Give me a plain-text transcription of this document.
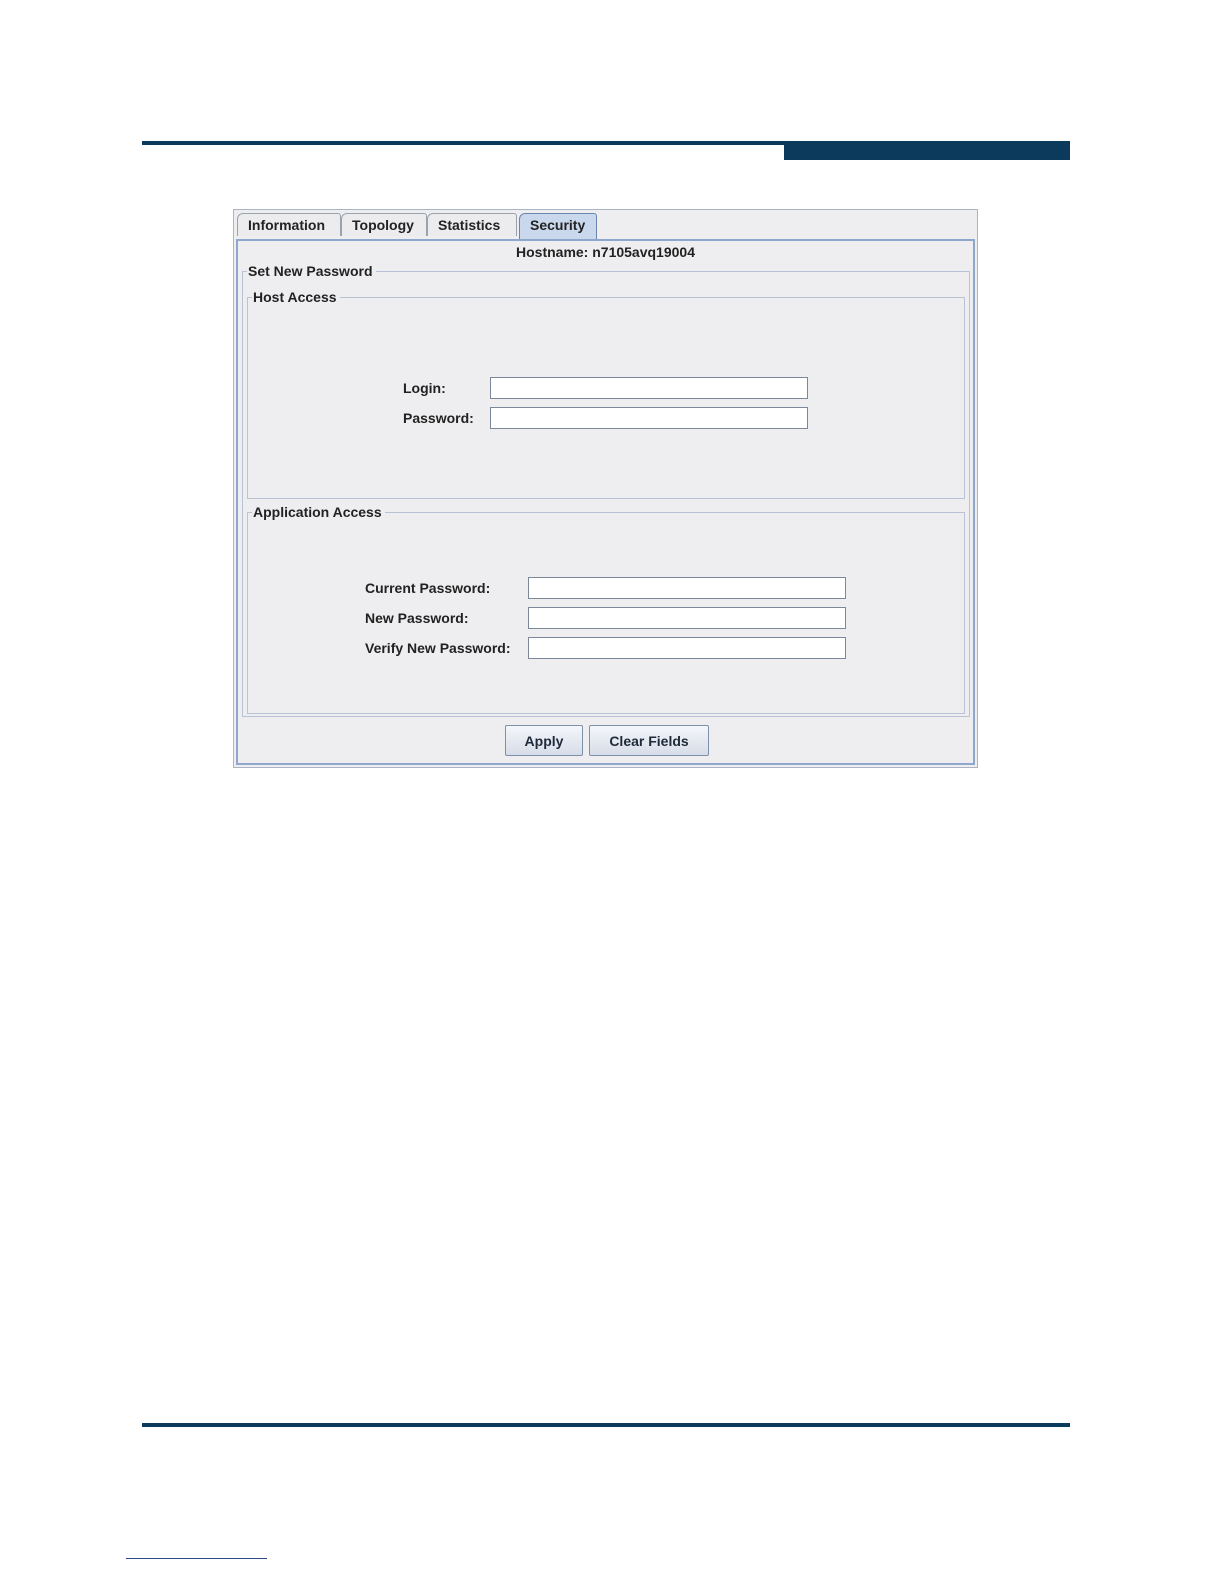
Information	Topology	Statistics	Security
Hostname: n7105avq19004
Set New Password
Host Access
Login:
Password:
Application Access
Current Password:
New Password:
Verify New Password:
Apply	Clear Fields
